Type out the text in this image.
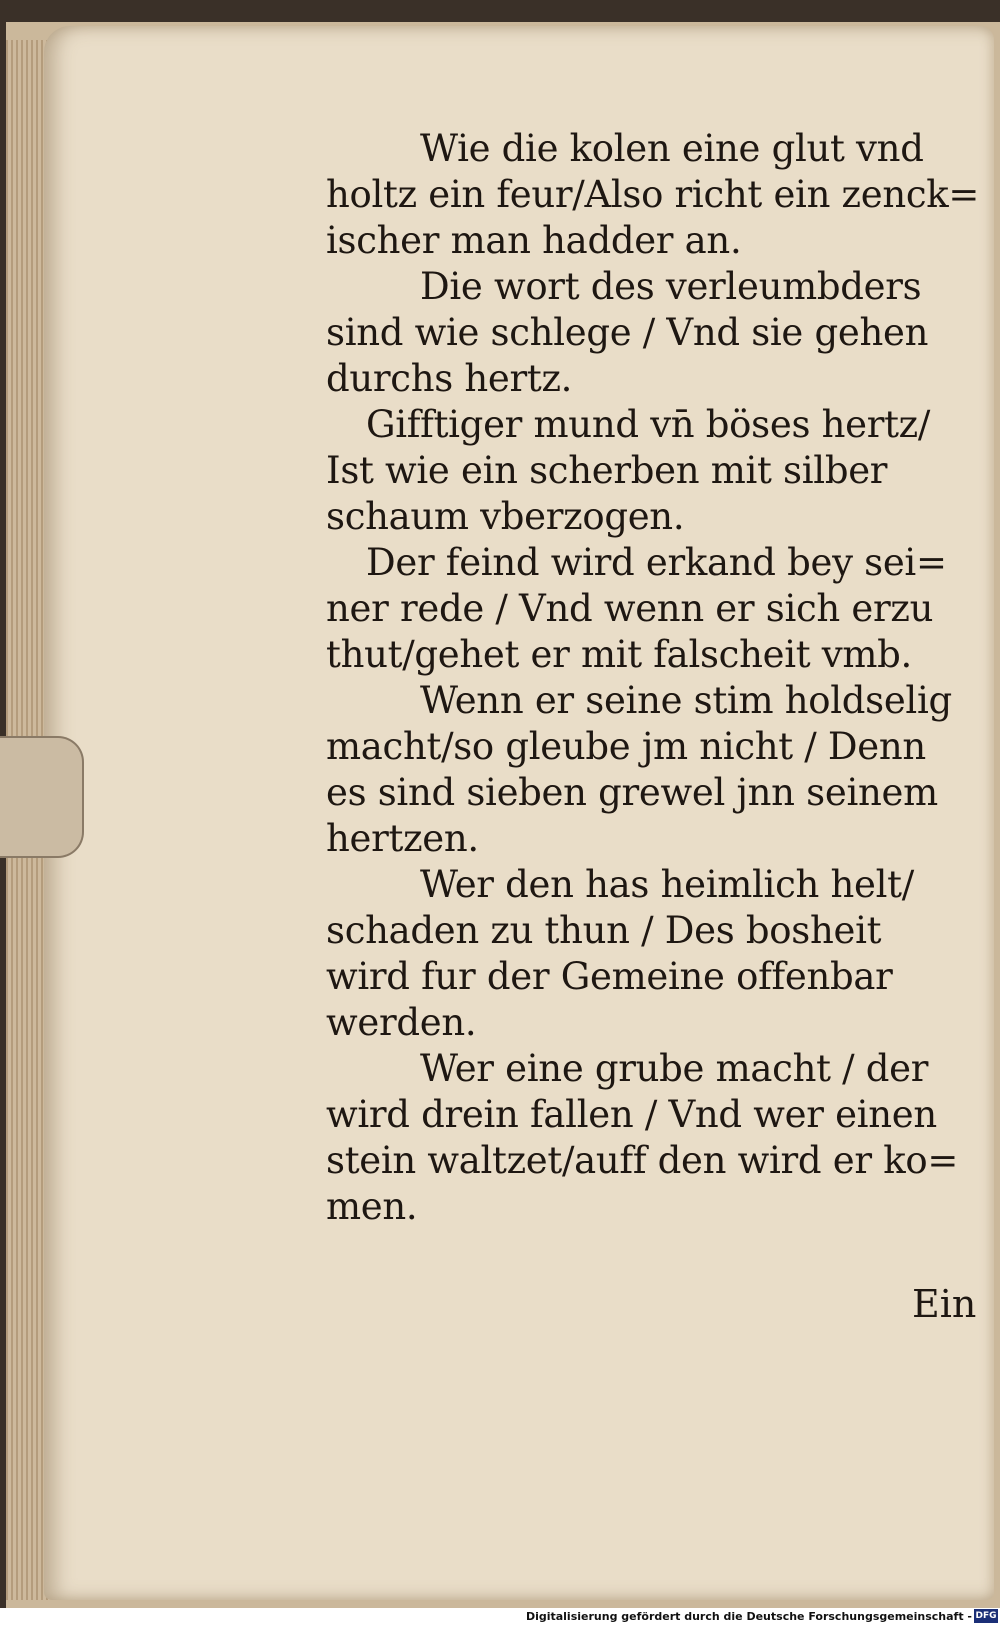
Wie die kolen eine glut vnd
holtz ein feur/Also richt ein zenck=
ischer man hadder an.
Die wort des verleumbders
sind wie schlege / Vnd sie gehen
durchs hertz.
Gifftiger mund vn̄ böses hertz/
Ist wie ein scherben mit silber
schaum vberzogen.
Der feind wird erkand bey sei=
ner rede / Vnd wenn er sich erzu
thut/gehet er mit falscheit vmb.
Wenn er seine stim holdselig
macht/so gleube jm nicht / Denn
es sind sieben grewel jnn seinem
hertzen.
Wer den has heimlich helt/
schaden zu thun / Des bosheit
wird fur der Gemeine offenbar
werden.
Wer eine grube macht / der
wird drein fallen / Vnd wer einen
stein waltzet/auff den wird er ko=
men.
Ein
Digitalisierung gefördert durch die Deutsche Forschungsgemeinschaft - DFG
